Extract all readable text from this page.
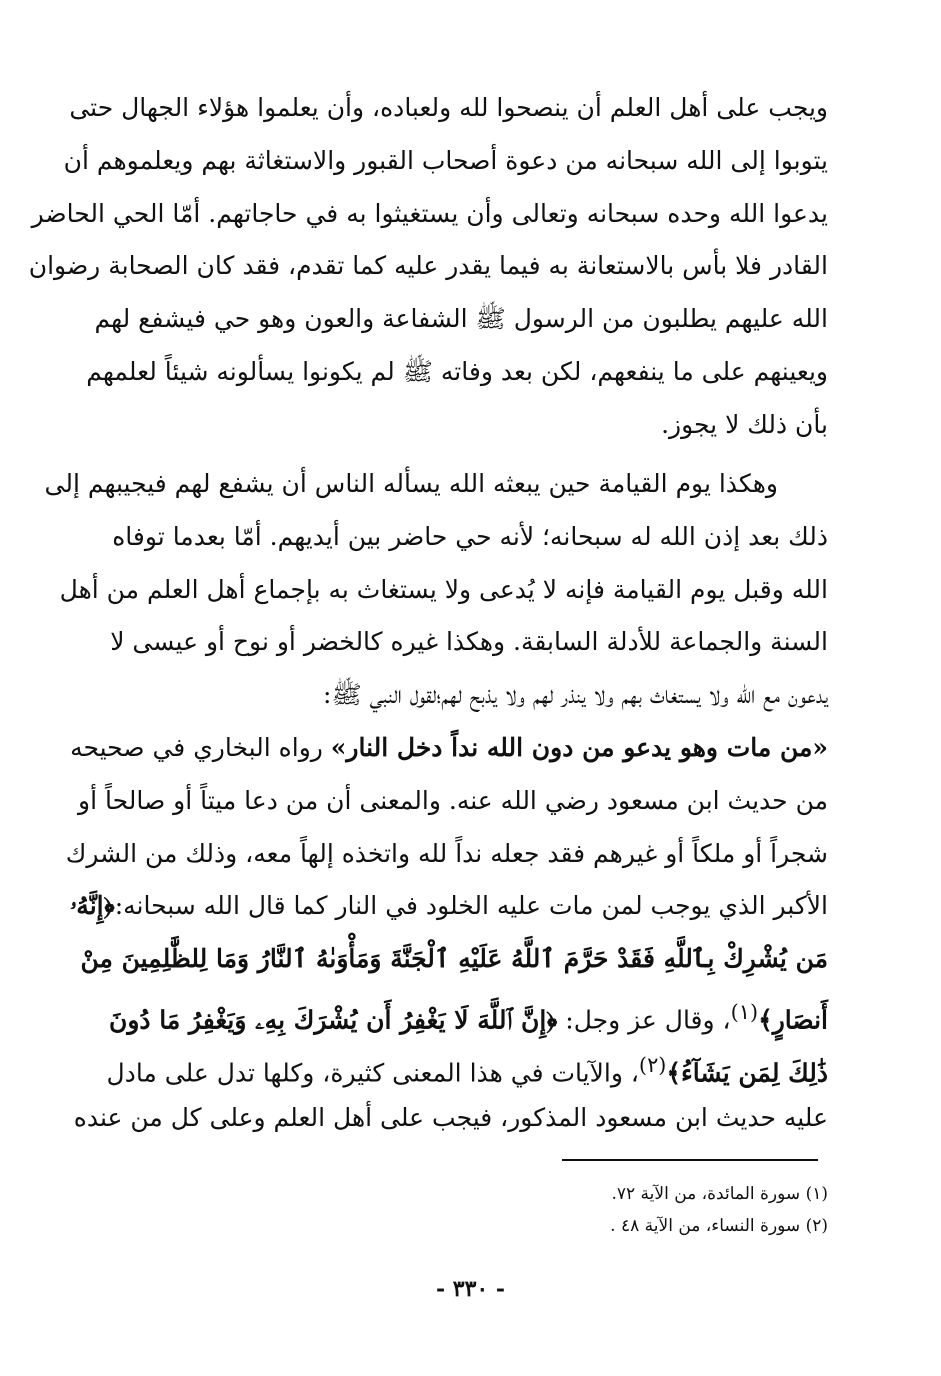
ويجب على أهل العلم أن ينصحوا لله ولعباده، وأن يعلموا هؤلاء الجهال حتى
يتوبوا إلى الله سبحانه من دعوة أصحاب القبور والاستغاثة بهم ويعلموهم أن
يدعوا الله وحده سبحانه وتعالى وأن يستغيثوا به في حاجاتهم. أمّا الحي الحاضر
القادر فلا بأس بالاستعانة به فيما يقدر عليه كما تقدم، فقد كان الصحابة رضوان
الله عليهم يطلبون من الرسول ﷺ الشفاعة والعون وهو حي فيشفع لهم
ويعينهم على ما ينفعهم، لكن بعد وفاته ﷺ لم يكونوا يسألونه شيئاً لعلمهم
بأن ذلك لا يجوز.
  وهكذا يوم القيامة حين يبعثه الله يسأله الناس أن يشفع لهم فيجيبهم إلى
ذلك بعد إذن الله له سبحانه؛ لأنه حي حاضر بين أيديهم. أمّا بعدما توفاه
الله وقبل يوم القيامة فإنه لا يُدعى ولا يستغاث به بإجماع أهل العلم من أهل
السنة والجماعة للأدلة السابقة. وهكذا غيره كالخضر أو نوح أو عيسى لا
يدعون مع الله ولا يستغاث بهم ولا ينذر لهم ولا يذبح لهم؛لقول النبي ﷺ:
«من مات وهو يدعو من دون الله نداً دخل النار» رواه البخاري في صحيحه
من حديث ابن مسعود رضي الله عنه. والمعنى أن من دعا ميتاً أو صالحاً أو
شجراً أو ملكاً أو غيرهم فقد جعله نداً لله واتخذه إلهاً معه، وذلك من الشرك
الأكبر الذي يوجب لمن مات عليه الخلود في النار كما قال الله سبحانه:﴿إِنَّهُۥ
مَن يُشْرِكْ بِٱللَّهِ فَقَدْ حَرَّمَ ٱللَّهُ عَلَيْهِ ٱلْجَنَّةَ وَمَأْوَىٰهُ ٱلنَّارُ وَمَا لِلظَّٰلِمِينَ مِنْ
أَنصَارٍ﴾$^{(١)}$، وقال عز وجل: ﴿إِنَّ ٱللَّهَ لَا يَغْفِرُ أَن يُشْرَكَ بِهِۦ وَيَغْفِرُ مَا دُونَ
ذَٰلِكَ لِمَن يَشَآءُ﴾$^{(٢)}$، والآيات في هذا المعنى كثيرة، وكلها تدل على مادل
عليه حديث ابن مسعود المذكور، فيجب على أهل العلم وعلى كل من عنده
(١) سورة المائدة، من الآية ٧٢.
(٢) سورة النساء، من الآية ٤٨ .
- ٣٣٠ -
